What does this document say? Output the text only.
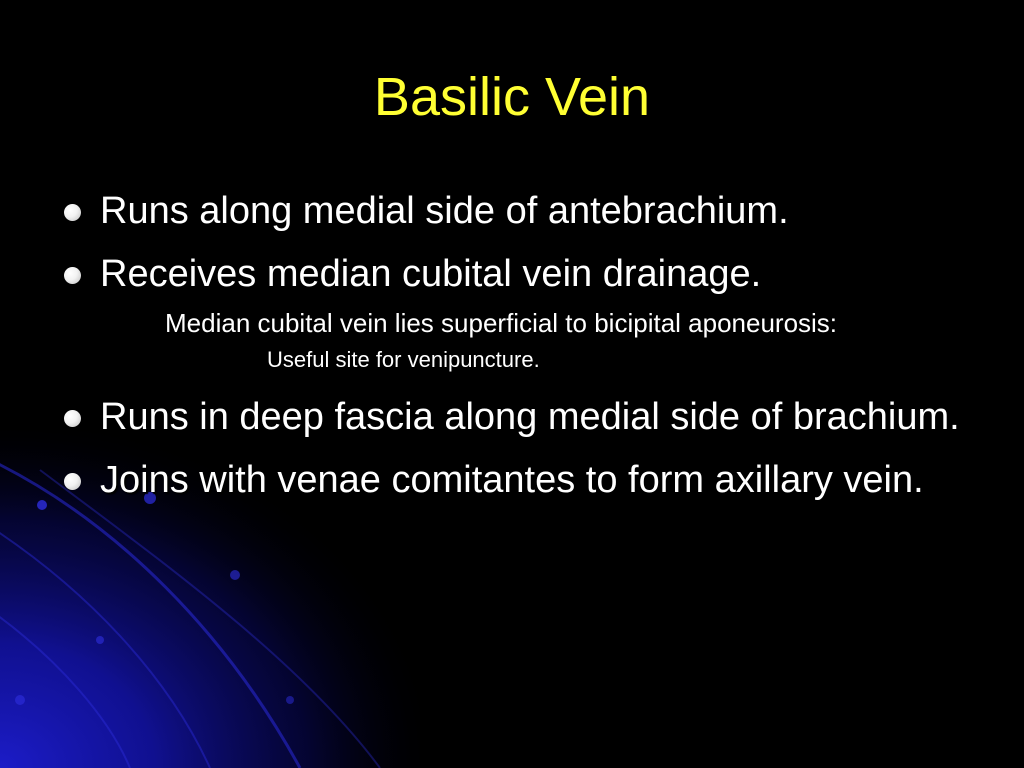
Basilic Vein
Runs along medial side of antebrachium.
Receives median cubital vein drainage.
Median cubital vein lies superficial to bicipital aponeurosis:
Useful site for venipuncture.
Runs in deep fascia along medial side of brachium.
Joins with venae comitantes to form axillary vein.
